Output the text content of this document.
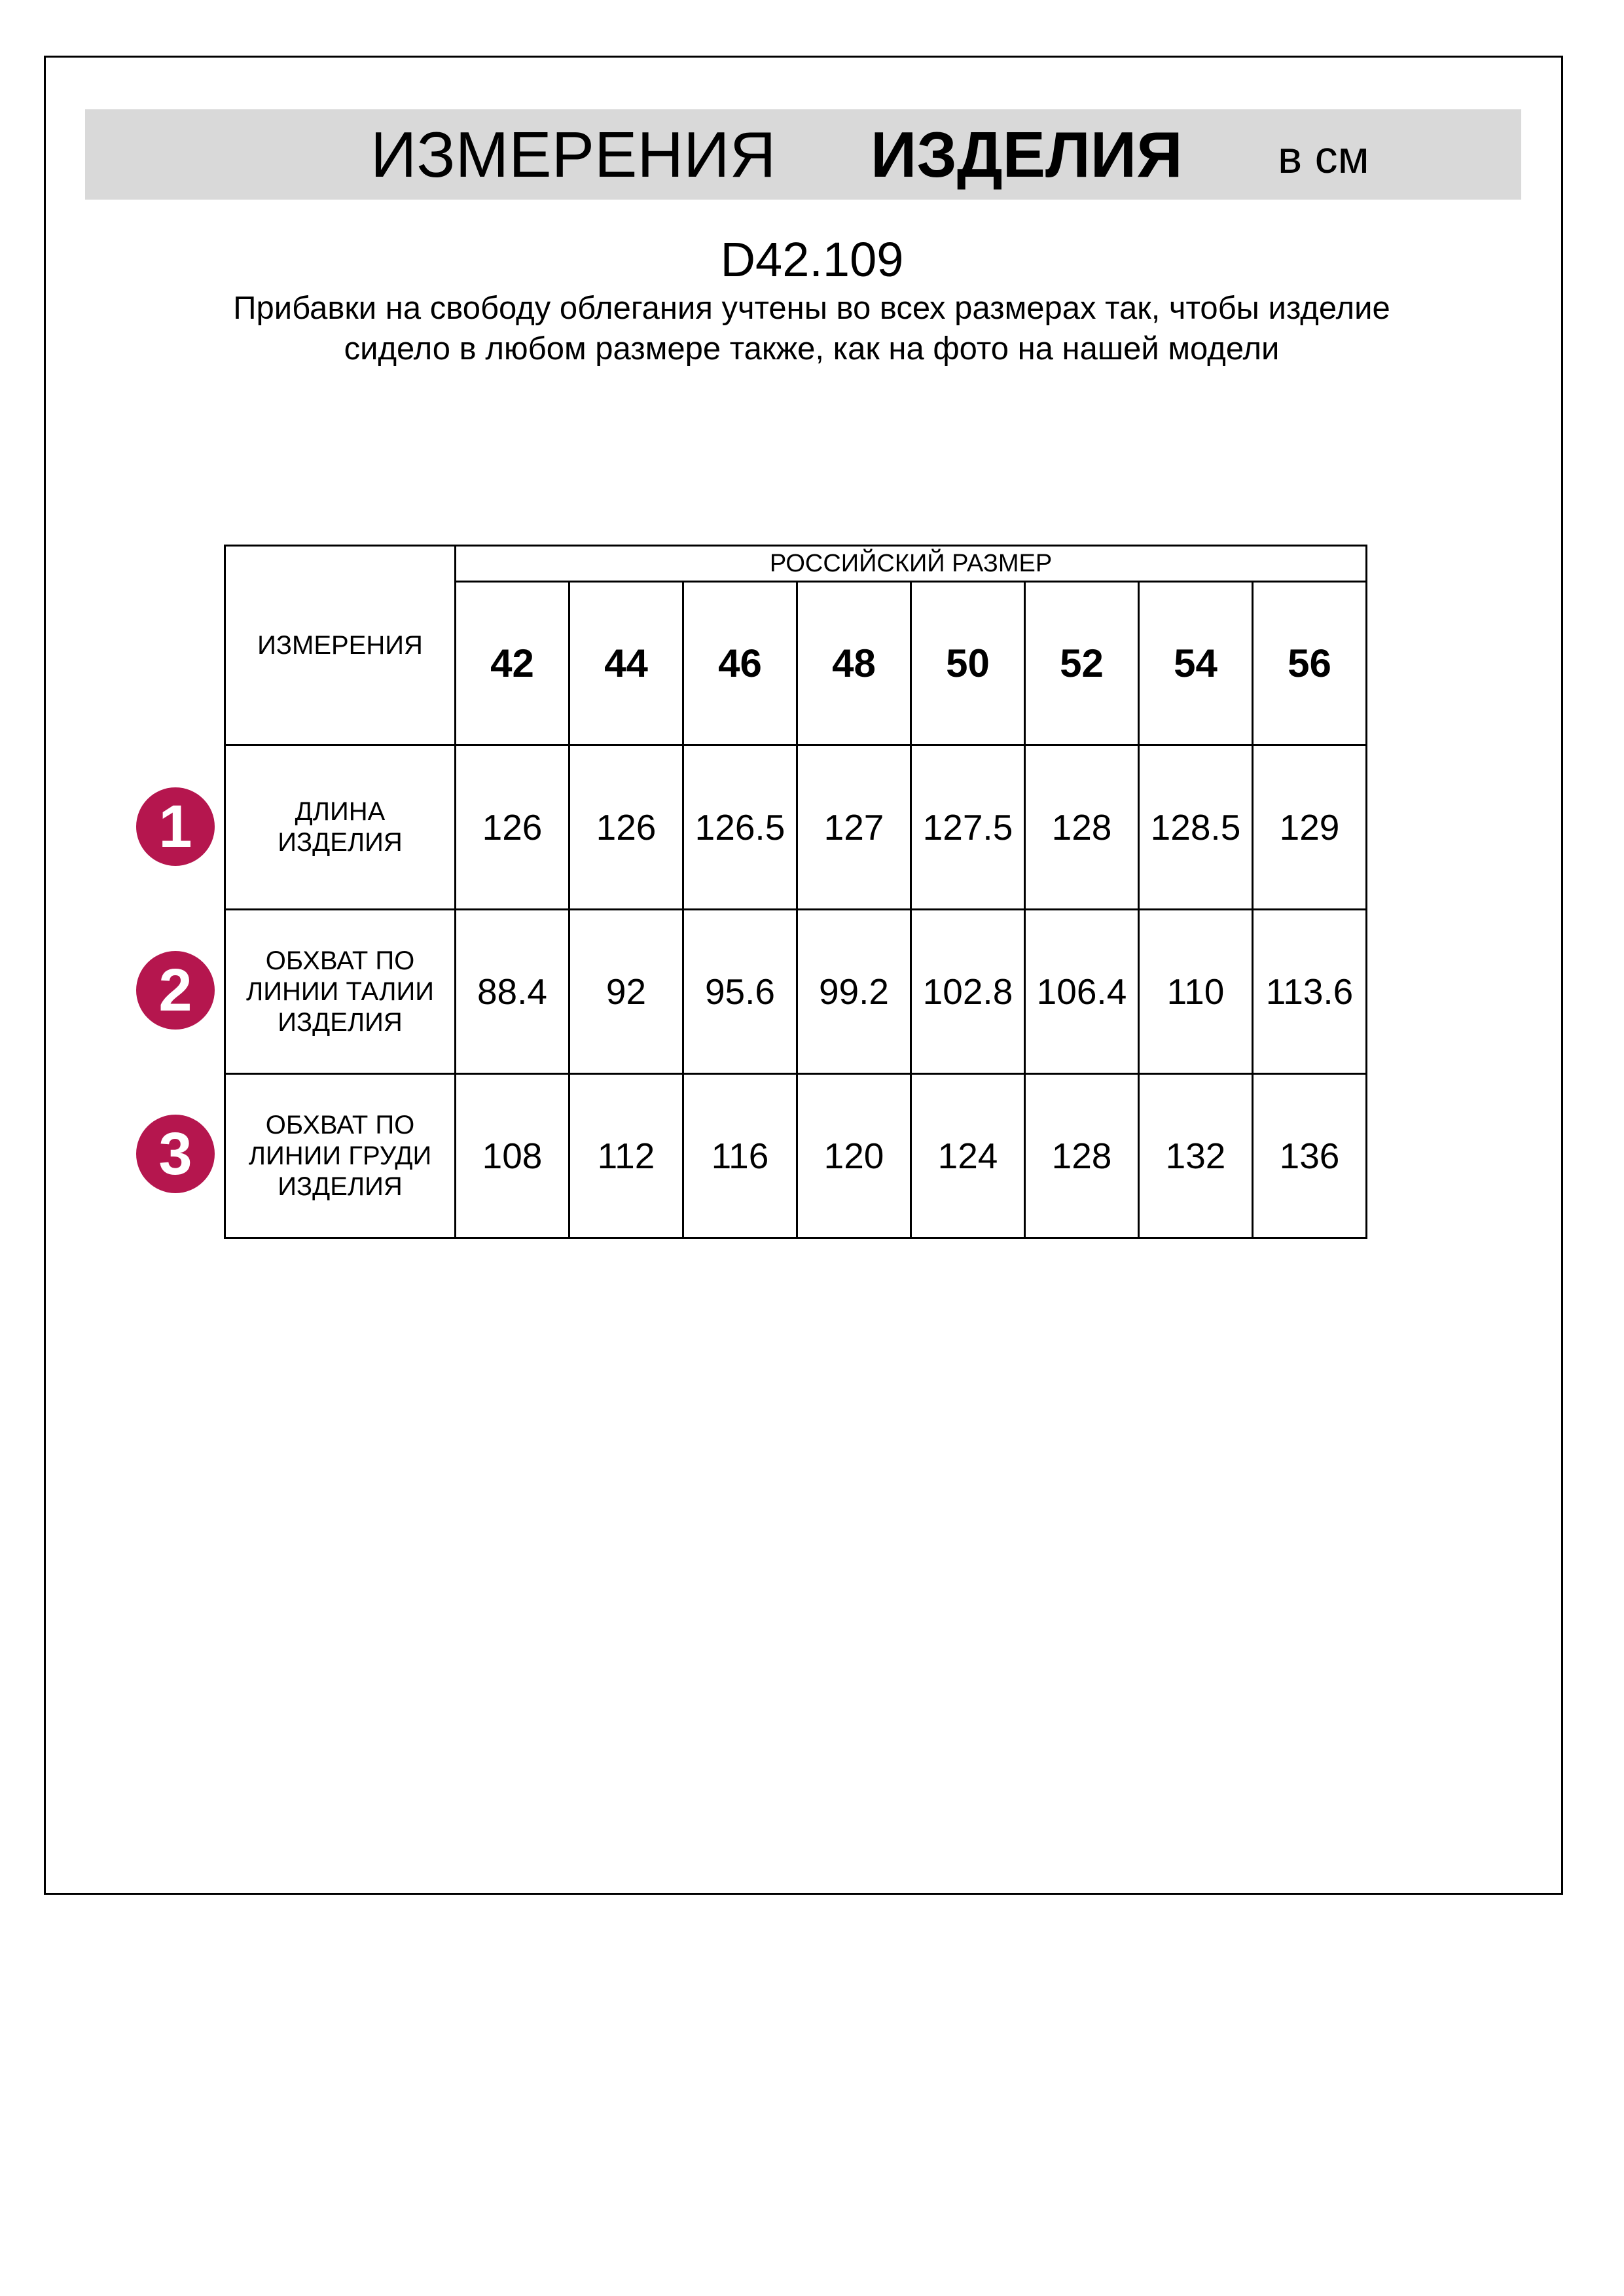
ИЗМЕРЕНИЯ ИЗДЕЛИЯ в см
D42.109
Прибавки на свободу облегания учтены во всех размерах так, чтобы изделие сидело в любом размере также, как на фото на нашей модели
ИЗМЕРЕНИЯ	РОССИЙСКИЙ РАЗМЕР							
	42	44	46	48	50	52	54	56

ДЛИНА ИЗДЕЛИЯ	126	126	126.5	127	127.5	128	128.5	129

ОБХВАТ ПО ЛИНИИ ТАЛИИ ИЗДЕЛИЯ	88.4	92	95.6	99.2	102.8	106.4	110	113.6

ОБХВАТ ПО ЛИНИИ ГРУДИ ИЗДЕЛИЯ	108	112	116	120	124	128	132	136
1
2
3
